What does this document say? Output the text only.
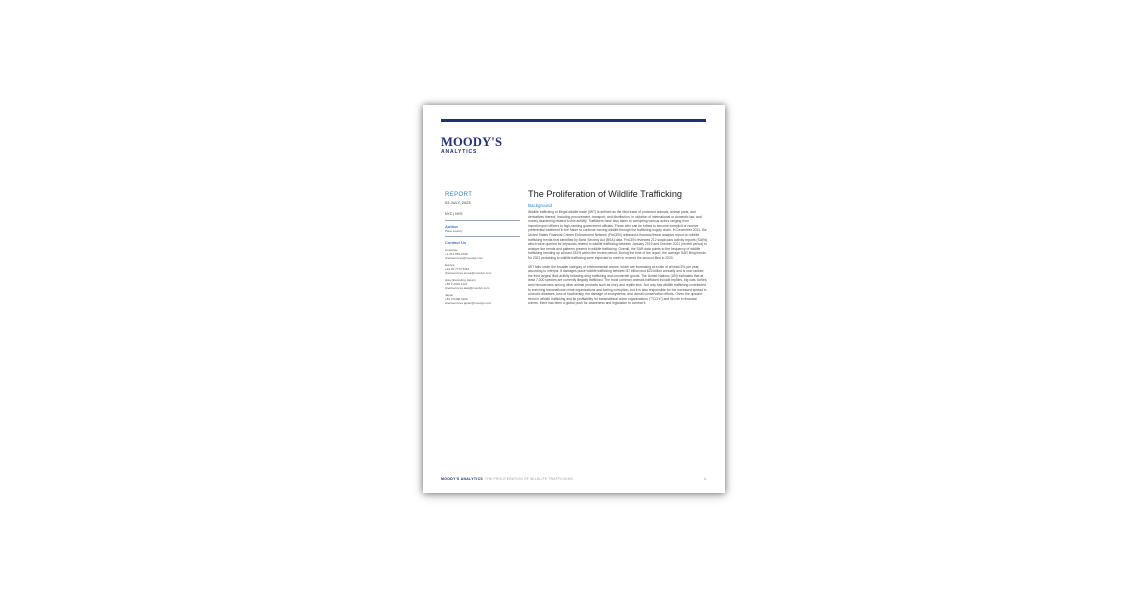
MOODY'S
ANALYTICS
REPORT
03 JULY, 2023
NYC | NYS
Author
Pane Lowery
Contact Us
Americas
+1.212.553.1658
clientservices@moodys.com
Europe
+44.20.7772.5454
clientservices.emea@moodys.com
Asia (Excluding Japan)
+85 2.2916.1121
clientservices.asia@moodys.com
Japan
+81 3.5408.4100
clientservices.japan@moodys.com
The Proliferation of Wildlife Trafficking
Background

Wildlife trafficking or illegal wildlife trade (IWT) is defined as the illicit trade of protected animals, animal parts, and derivatives thereof, including procurement, transport, and distribution, in violation of international or domestic law, and money laundering related to this activity. Traffickers have also taken to corrupting various actors ranging from import/export officers to high-ranking government officials. Those who can be bribed to become complicit or receive preferential treatment in the future to continue moving wildlife through the trafficking supply chain. In December 2021, the United States Financial Crimes Enforcement Network (FinCEN) released a financial threat analysis report on wildlife trafficking trends that identified by Bank Secrecy Act (BSA) data. FinCEN reviewed 212 suspicious activity reports (SARs) which were queried for keywords related to wildlife trafficking between January 2019 and October 2021 (review period) to analyze the trends and patterns present in wildlife trafficking. Overall, the SAR data points to the frequency of wildlife trafficking trending up at least 154% within the review period. During the time of the report, the average SAR filing trends for 2021 pertaining to wildlife trafficking were expected to meet or exceed the amount filed in 2020.

IWT falls under the broader category of environmental crimes, which are increasing at a rate of at least 5% per year, according to Interpol. It damages place wildlife trafficking between $7 billion and $23 billion annually and is now ranked the third largest illicit activity following drug trafficking and counterfeit goods. The United Nations (UN) estimates that at least 7,000 species are currently illegally trafficked. The most common animals trafficked include reptiles, big cats, turtles, and rhinoceroses among other animal products such as ivory and reptile skin. Not only has wildlife trafficking contributed to enriching transnational crime organizations and fueling corruption, but it is also responsible for the increased spread in zoonotic diseases, loss of biodiversity, the damage of ecosystems, and overall conservation efforts. Given the upward trend in wildlife trafficking and its profitability for transnational crime organizations ("TCO's") and its role in financial crimes, there has been a global push for awareness and legislation to combat it.

MOODY'S ANALYTICS THE PROLIFERATION OF WILDLIFE TRAFFICKING	1
